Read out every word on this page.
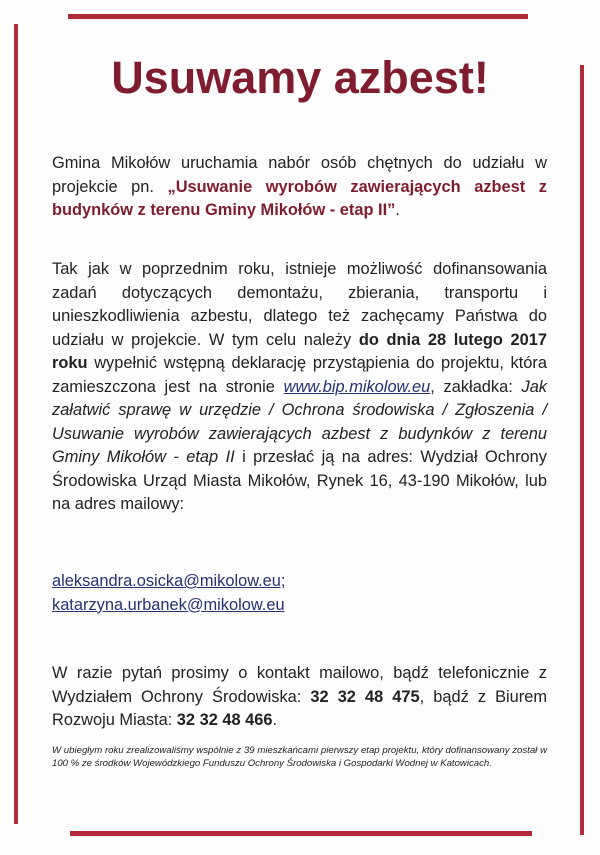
Usuwamy azbest!

Gmina Mikołów uruchamia nabór osób chętnych do udziału w projekcie pn. „Usuwanie wyrobów zawierających azbest z budynków z terenu Gminy Mikołów - etap II”.

Tak jak w poprzednim roku, istnieje możliwość dofinansowania zadań dotyczących demontażu, zbierania, transportu i unieszkodliwienia azbestu, dlatego też zachęcamy Państwa do udziału w projekcie. W tym celu należy do dnia 28 lutego 2017 roku wypełnić wstępną deklarację przystąpienia do projektu, która zamieszczona jest na stronie www.bip.mikolow.eu, zakładka: Jak załatwić sprawę w urzędzie / Ochrona środowiska / Zgłoszenia / Usuwanie wyrobów zawierających azbest z budynków z terenu Gminy Mikołów - etap II i przesłać ją na adres: Wydział Ochrony Środowiska Urząd Miasta Mikołów, Rynek 16, 43-190 Mikołów, lub na adres mailowy:

aleksandra.osicka@mikolow.eu;
katarzyna.urbanek@mikolow.eu

W razie pytań prosimy o kontakt mailowo, bądź telefonicznie z Wydziałem Ochrony Środowiska: 32 32 48 475, bądź z Biurem Rozwoju Miasta: 32 32 48 466.

W ubiegłym roku zrealizowaliśmy wspólnie z 39 mieszkańcami pierwszy etap projektu, który dofinansowany został w 100 % ze środków Wojewódzkiego Funduszu Ochrony Środowiska i Gospodarki Wodnej w Katowicach.
